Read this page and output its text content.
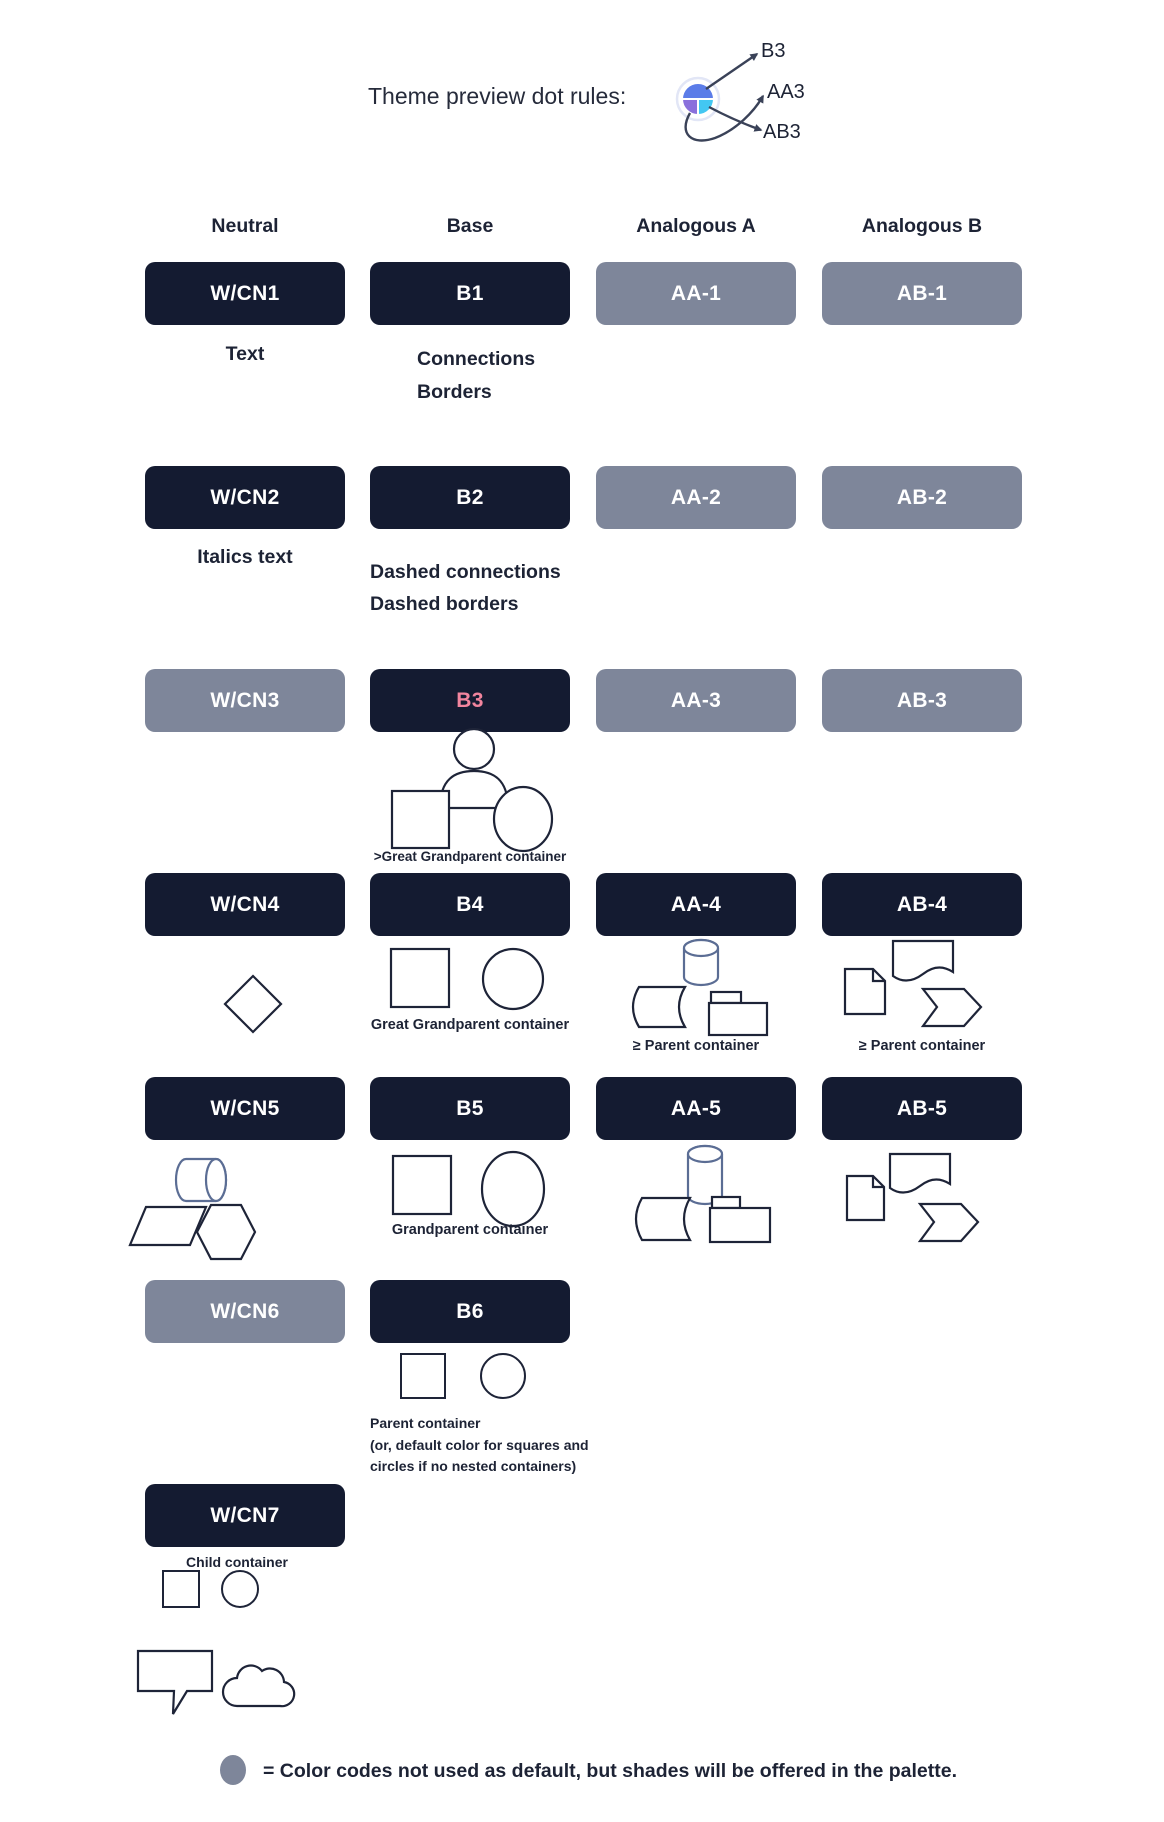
Theme preview dot rules:
B3
AA3
AB3
Neutral	Base	Analogous A	Analogous B
W/CN1	B1	AA-1	AB-1
Text	Connections
Borders
W/CN2	B2	AA-2	AB-2
Italics text
Dashed connections
Dashed borders
W/CN3	B3	AA-3	AB-3
>Great Grandparent container
W/CN4	B4	AA-4	AB-4
Great Grandparent container
≥ Parent container	≥ Parent container
W/CN5	B5	AA-5	AB-5
Grandparent container
W/CN6	B6
Parent container
(or, default color for squares and
circles if no nested containers)
W/CN7
Child container
= Color codes not used as default, but shades will be offered in the palette.
